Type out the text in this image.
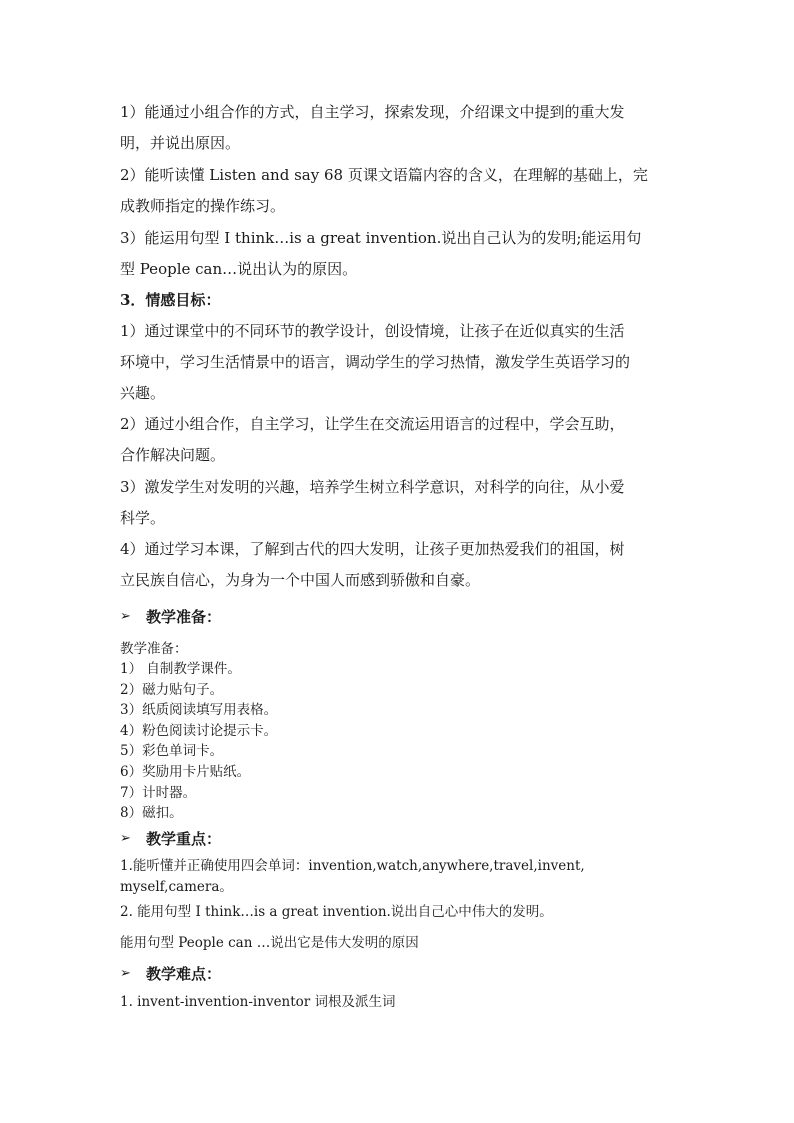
1）能通过小组合作的方式，自主学习，探索发现，介绍课文中提到的重大发
明，并说出原因。
2）能听读懂 Listen and say 68 页课文语篇内容的含义，在理解的基础上，完
成教师指定的操作练习。
3）能运用句型 I think…is a great invention.说出自己认为的发明;能运用句
型 People can…说出认为的原因。
3．情感目标：
1）通过课堂中的不同环节的教学设计，创设情境，让孩子在近似真实的生活
环境中，学习生活情景中的语言，调动学生的学习热情，激发学生英语学习的
兴趣。
2）通过小组合作，自主学习，让学生在交流运用语言的过程中，学会互助，
合作解决问题。
3）激发学生对发明的兴趣，培养学生树立科学意识，对科学的向往，从小爱
科学。
4）通过学习本课，了解到古代的四大发明，让孩子更加热爱我们的祖国，树
立民族自信心，为身为一个中国人而感到骄傲和自豪。
➢ 教学准备：
教学准备：
1） 自制教学课件。
2）磁力贴句子。
3）纸质阅读填写用表格。
4）粉色阅读讨论提示卡。
5）彩色单词卡。
6）奖励用卡片贴纸。
7）计时器。
8）磁扣。
➢ 教学重点：
1.能听懂并正确使用四会单词：invention,watch,anywhere,travel,invent,
myself,camera。
2. 能用句型 I think…is a great invention.说出自己心中伟大的发明。
能用句型 People can …说出它是伟大发明的原因
➢ 教学难点：
1. invent-invention-inventor 词根及派生词
